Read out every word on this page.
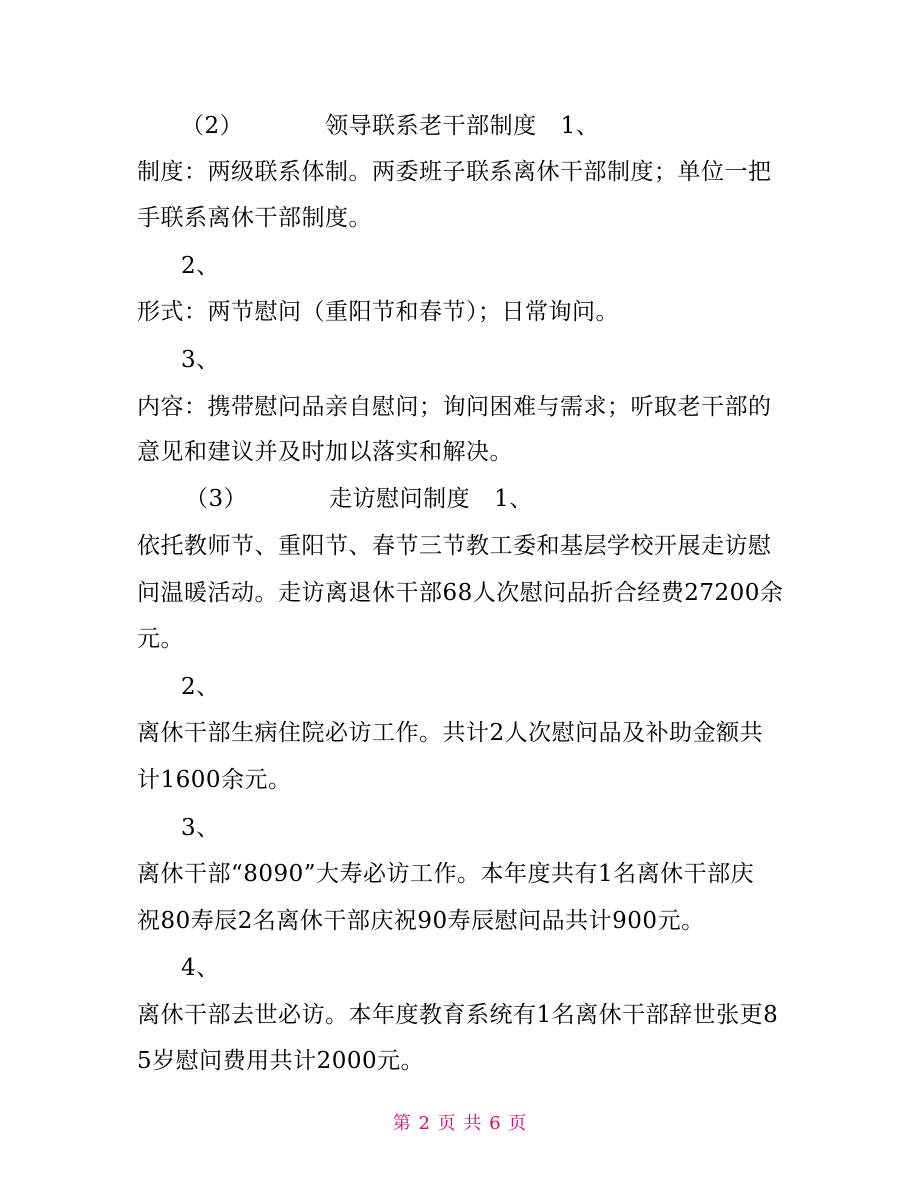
（2）	领导联系老干部制度 1、
制度：两级联系体制。两委班子联系离休干部制度；单位一把
手联系离休干部制度。
2、
形式：两节慰问（重阳节和春节）；日常询问。
3、
内容：携带慰问品亲自慰问；询问困难与需求；听取老干部的
意见和建议并及时加以落实和解决。
（3）	走访慰问制度 1、
依托教师节、重阳节、春节三节教工委和基层学校开展走访慰
问温暖活动。走访离退休干部68人次慰问品折合经费27200余
元。
2、
离休干部生病住院必访工作。共计2人次慰问品及补助金额共
计1600余元。
3、
离休干部“8090”大寿必访工作。本年度共有1名离休干部庆
祝80寿辰2名离休干部庆祝90寿辰慰问品共计900元。
4、
离休干部去世必访。本年度教育系统有1名离休干部辞世张更8
5岁慰问费用共计2000元。
第 2 页 共 6 页
